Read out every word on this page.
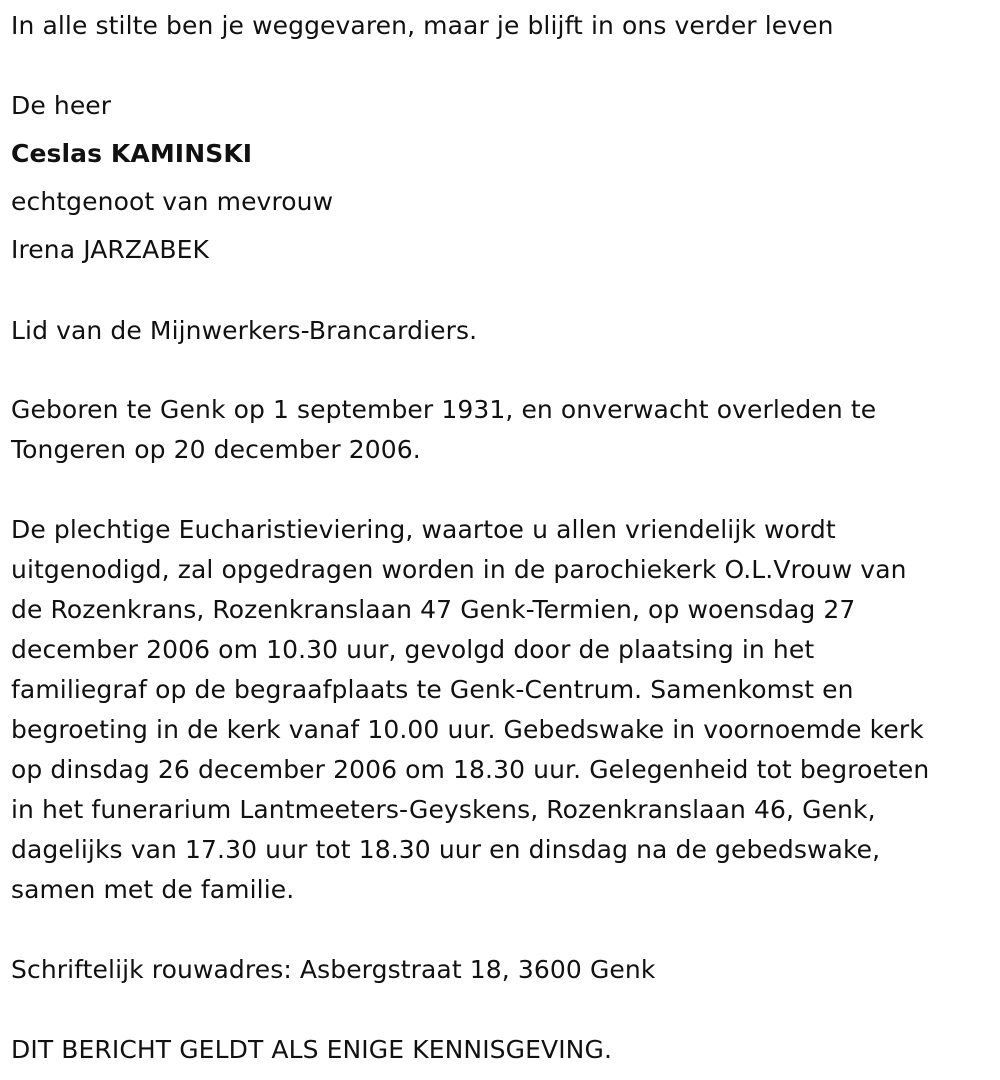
In alle stilte ben je weggevaren, maar je blijft in ons verder leven
De heer
Ceslas KAMINSKI
echtgenoot van mevrouw
Irena JARZABEK
Lid van de Mijnwerkers-Brancardiers.
Geboren te Genk op 1 september 1931, en onverwacht overleden te
Tongeren op 20 december 2006.
De plechtige Eucharistieviering, waartoe u allen vriendelijk wordt
uitgenodigd, zal opgedragen worden in de parochiekerk O.L.Vrouw van
de Rozenkrans, Rozenkranslaan 47 Genk-Termien, op woensdag 27
december 2006 om 10.30 uur, gevolgd door de plaatsing in het
familiegraf op de begraafplaats te Genk-Centrum. Samenkomst en
begroeting in de kerk vanaf 10.00 uur. Gebedswake in voornoemde kerk
op dinsdag 26 december 2006 om 18.30 uur. Gelegenheid tot begroeten
in het funerarium Lantmeeters-Geyskens, Rozenkranslaan 46, Genk,
dagelijks van 17.30 uur tot 18.30 uur en dinsdag na de gebedswake,
samen met de familie.
Schriftelijk rouwadres: Asbergstraat 18, 3600 Genk
DIT BERICHT GELDT ALS ENIGE KENNISGEVING.
